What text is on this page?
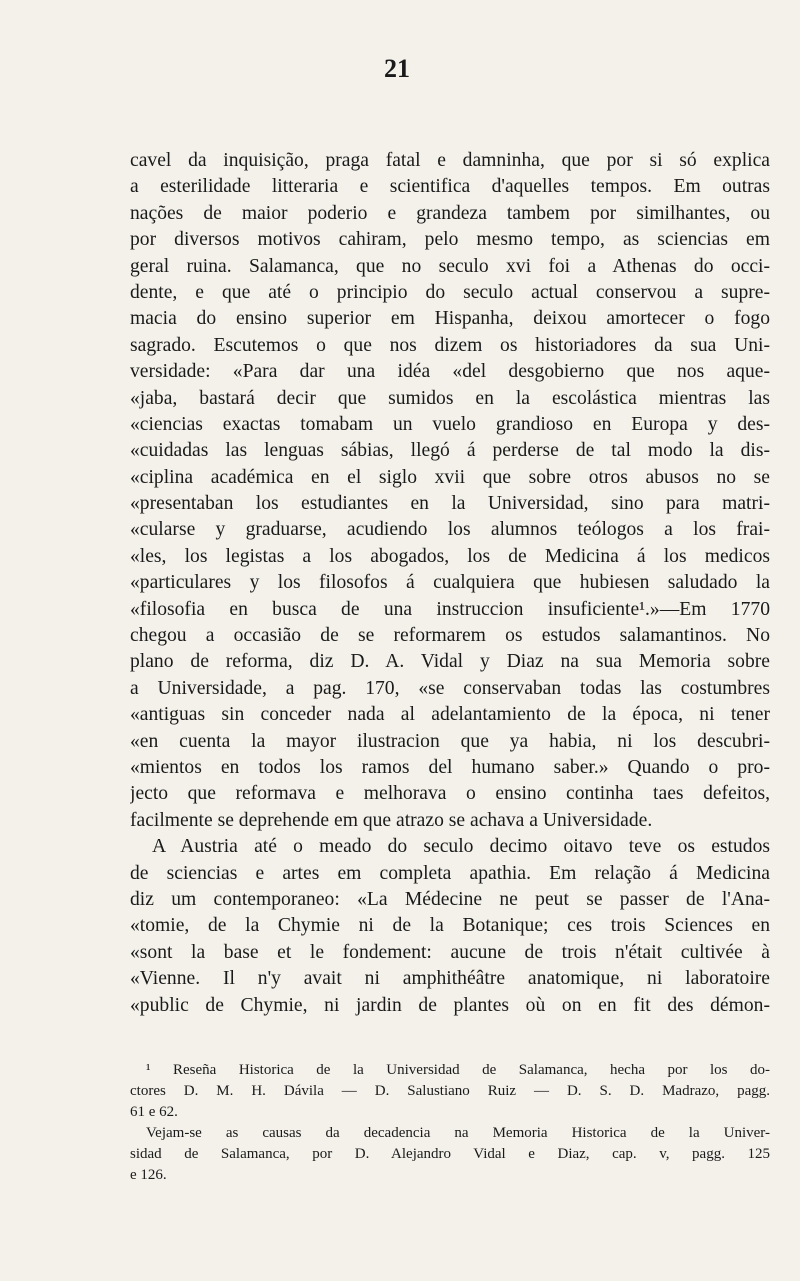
21
cavel da inquisição, praga fatal e damninha, que por si só explica
a esterilidade litteraria e scientifica d'aquelles tempos. Em outras
nações de maior poderio e grandeza tambem por similhantes, ou
por diversos motivos cahiram, pelo mesmo tempo, as sciencias em
geral ruina. Salamanca, que no seculo xvi foi a Athenas do occi-
dente, e que até o principio do seculo actual conservou a supre-
macia do ensino superior em Hispanha, deixou amortecer o fogo
sagrado. Escutemos o que nos dizem os historiadores da sua Uni-
versidade: «Para dar una idéa «del desgobierno que nos aque-
«jaba, bastará decir que sumidos en la escolástica mientras las
«ciencias exactas tomabam un vuelo grandioso en Europa y des-
«cuidadas las lenguas sábias, llegó á perderse de tal modo la dis-
«ciplina académica en el siglo xvii que sobre otros abusos no se
«presentaban los estudiantes en la Universidad, sino para matri-
«cularse y graduarse, acudiendo los alumnos teólogos a los frai-
«les, los legistas a los abogados, los de Medicina á los medicos
«particulares y los filosofos á cualquiera que hubiesen saludado la
«filosofia en busca de una instruccion insuficiente¹.»—Em 1770
chegou a occasião de se reformarem os estudos salamantinos. No
plano de reforma, diz D. A. Vidal y Diaz na sua Memoria sobre
a Universidade, a pag. 170, «se conservaban todas las costumbres
«antiguas sin conceder nada al adelantamiento de la época, ni tener
«en cuenta la mayor ilustracion que ya habia, ni los descubri-
«mientos en todos los ramos del humano saber.» Quando o pro-
jecto que reformava e melhorava o ensino continha taes defeitos,
facilmente se deprehende em que atrazo se achava a Universidade.
A Austria até o meado do seculo decimo oitavo teve os estudos
de sciencias e artes em completa apathia. Em relação á Medicina
diz um contemporaneo: «La Médecine ne peut se passer de l'Ana-
«tomie, de la Chymie ni de la Botanique; ces trois Sciences en
«sont la base et le fondement: aucune de trois n'était cultivée à
«Vienne. Il n'y avait ni amphithéâtre anatomique, ni laboratoire
«public de Chymie, ni jardin de plantes où on en fit des démon-
¹ Reseña Historica de la Universidad de Salamanca, hecha por los do-
ctores D. M. H. Dávila — D. Salustiano Ruiz — D. S. D. Madrazo, pagg.
61 e 62.
Vejam-se as causas da decadencia na Memoria Historica de la Univer-
sidad de Salamanca, por D. Alejandro Vidal e Diaz, cap. v, pagg. 125
e 126.
